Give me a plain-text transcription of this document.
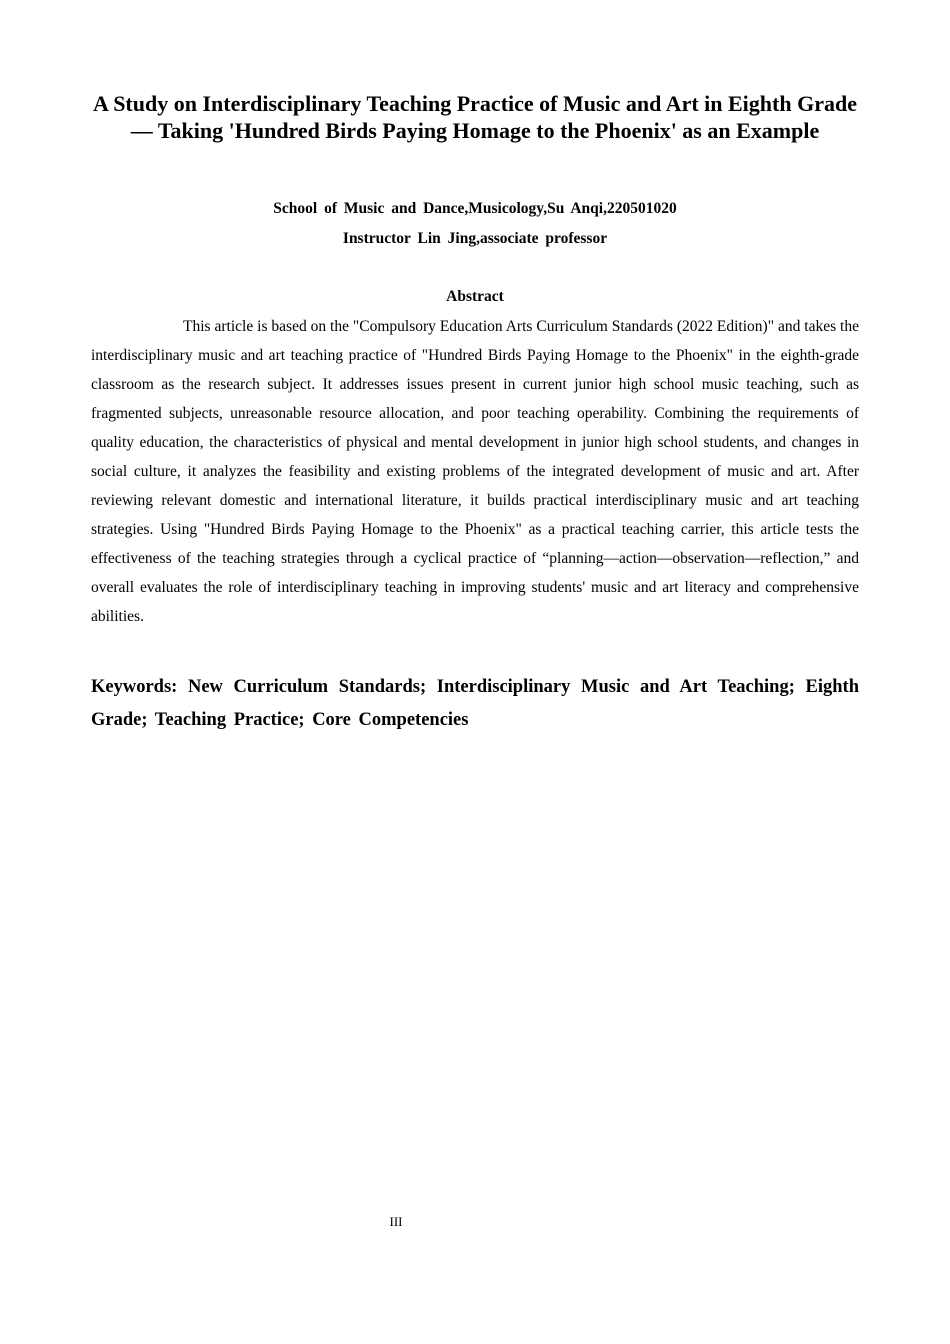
A Study on Interdisciplinary Teaching Practice of Music and Art in Eighth Grade

— Taking 'Hundred Birds Paying Homage to the Phoenix' as an Example

School of Music and Dance,Musicology,Su Anqi,220501020
Instructor Lin Jing,associate professor
Abstract

This article is based on the "Compulsory Education Arts Curriculum Standards (2022 Edition)" and takes the interdisciplinary music and art teaching practice of "Hundred Birds Paying Homage to the Phoenix" in the eighth-grade classroom as the research subject. It addresses issues present in current junior high school music teaching, such as fragmented subjects, unreasonable resource allocation, and poor teaching operability. Combining the requirements of quality education, the characteristics of physical and mental development in junior high school students, and changes in social culture, it analyzes the feasibility and existing problems of the integrated development of music and art. After reviewing relevant domestic and international literature, it builds practical interdisciplinary music and art teaching strategies. Using "Hundred Birds Paying Homage to the Phoenix" as a practical teaching carrier, this article tests the effectiveness of the teaching strategies through a cyclical practice of “planning—action—observation—reflection,” and overall evaluates the role of interdisciplinary teaching in improving students' music and art literacy and comprehensive abilities.

Keywords: New Curriculum Standards; Interdisciplinary Music and Art Teaching; Eighth Grade; Teaching Practice; Core Competencies

III
